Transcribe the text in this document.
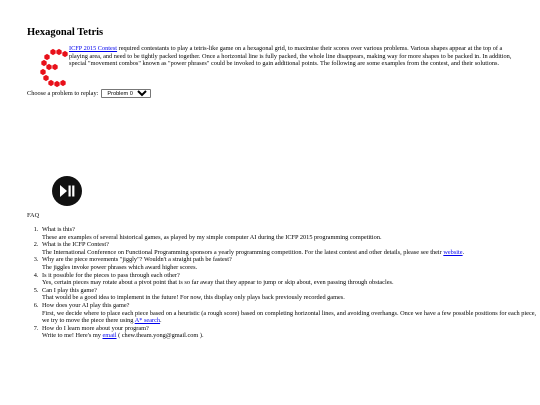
Hexagonal Tetris

ICFP 2015 Contest required contestants to play a tetris-like game on a hexagonal grid, to maximise their scores over various problems. Various shapes appear at the top of a playing area, and need to be tightly packed together. Once a horizontal line is fully packed, the whole line disappears, making way for more shapes to be packed in. In addition, special "movement combos" known as "power phrases" could be invoked to gain additional points. The following are some examples from the contest, and their solutions.

Choose a problem to replay:
Problem 0

FAQ

1. What is this?
These are examples of several historical games, as played by my simple computer AI during the ICFP 2015 programming competition.
2. What is the ICFP Contest?
The International Conference on Functional Programming sponsors a yearly programming competition. For the latest contest and other details, please see their website.
3. Why are the piece movements "jiggly"? Wouldn't a straight path be fastest?
The jiggles invoke power phrases which award higher scores.
4. Is it possible for the pieces to pass through each other?
Yes, certain pieces may rotate about a pivot point that is so far away that they appear to jump or skip about, even passing through obstacles.
5. Can I play this game?
That would be a good idea to implement in the future! For now, this display only plays back previously recorded games.
6. How does your AI play this game?
First, we decide where to place each piece based on a heuristic (a rough score) based on completing horizontal lines, and avoiding overhangs. Once we have a few possible positions for each piece, we try to move the piece there using A* search.
7. How do I learn more about your program?
Write to me! Here's my email ( chew.theam.yong@gmail.com ).
